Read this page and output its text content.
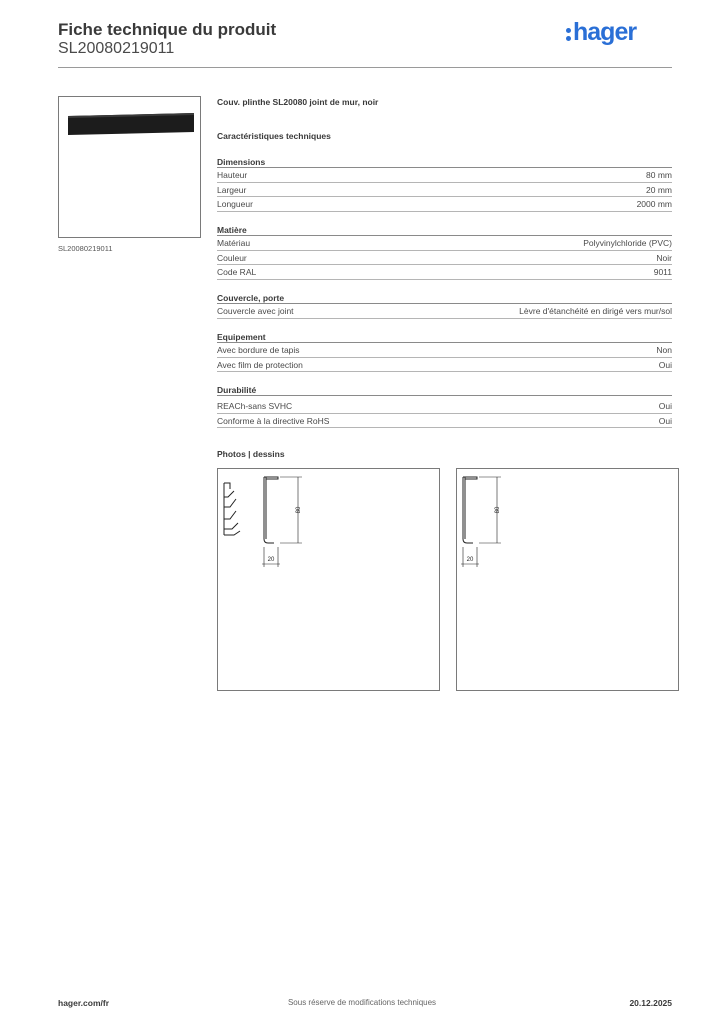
Fiche technique du produit
SL20080219011
hager
SL20080219011
Couv. plinthe SL20080 joint de mur, noir
Caractéristiques techniques
Dimensions
Hauteur	80 mm
Largeur	20 mm
Longueur	2000 mm
Matière
Matériau	Polyvinylchloride (PVC)
Couleur	Noir
Code RAL	9011
Couvercle, porte
Couvercle avec joint	Lèvre d'étanchéité en dirigé vers mur/sol
Equipement
Avec bordure de tapis	Non
Avec film de protection	Oui
Durabilité
REACh-sans SVHC	Oui
Conforme à la directive RoHS	Oui
Photos | dessins
80
20
80
20
hager.com/fr	Sous réserve de modifications techniques	20.12.2025
